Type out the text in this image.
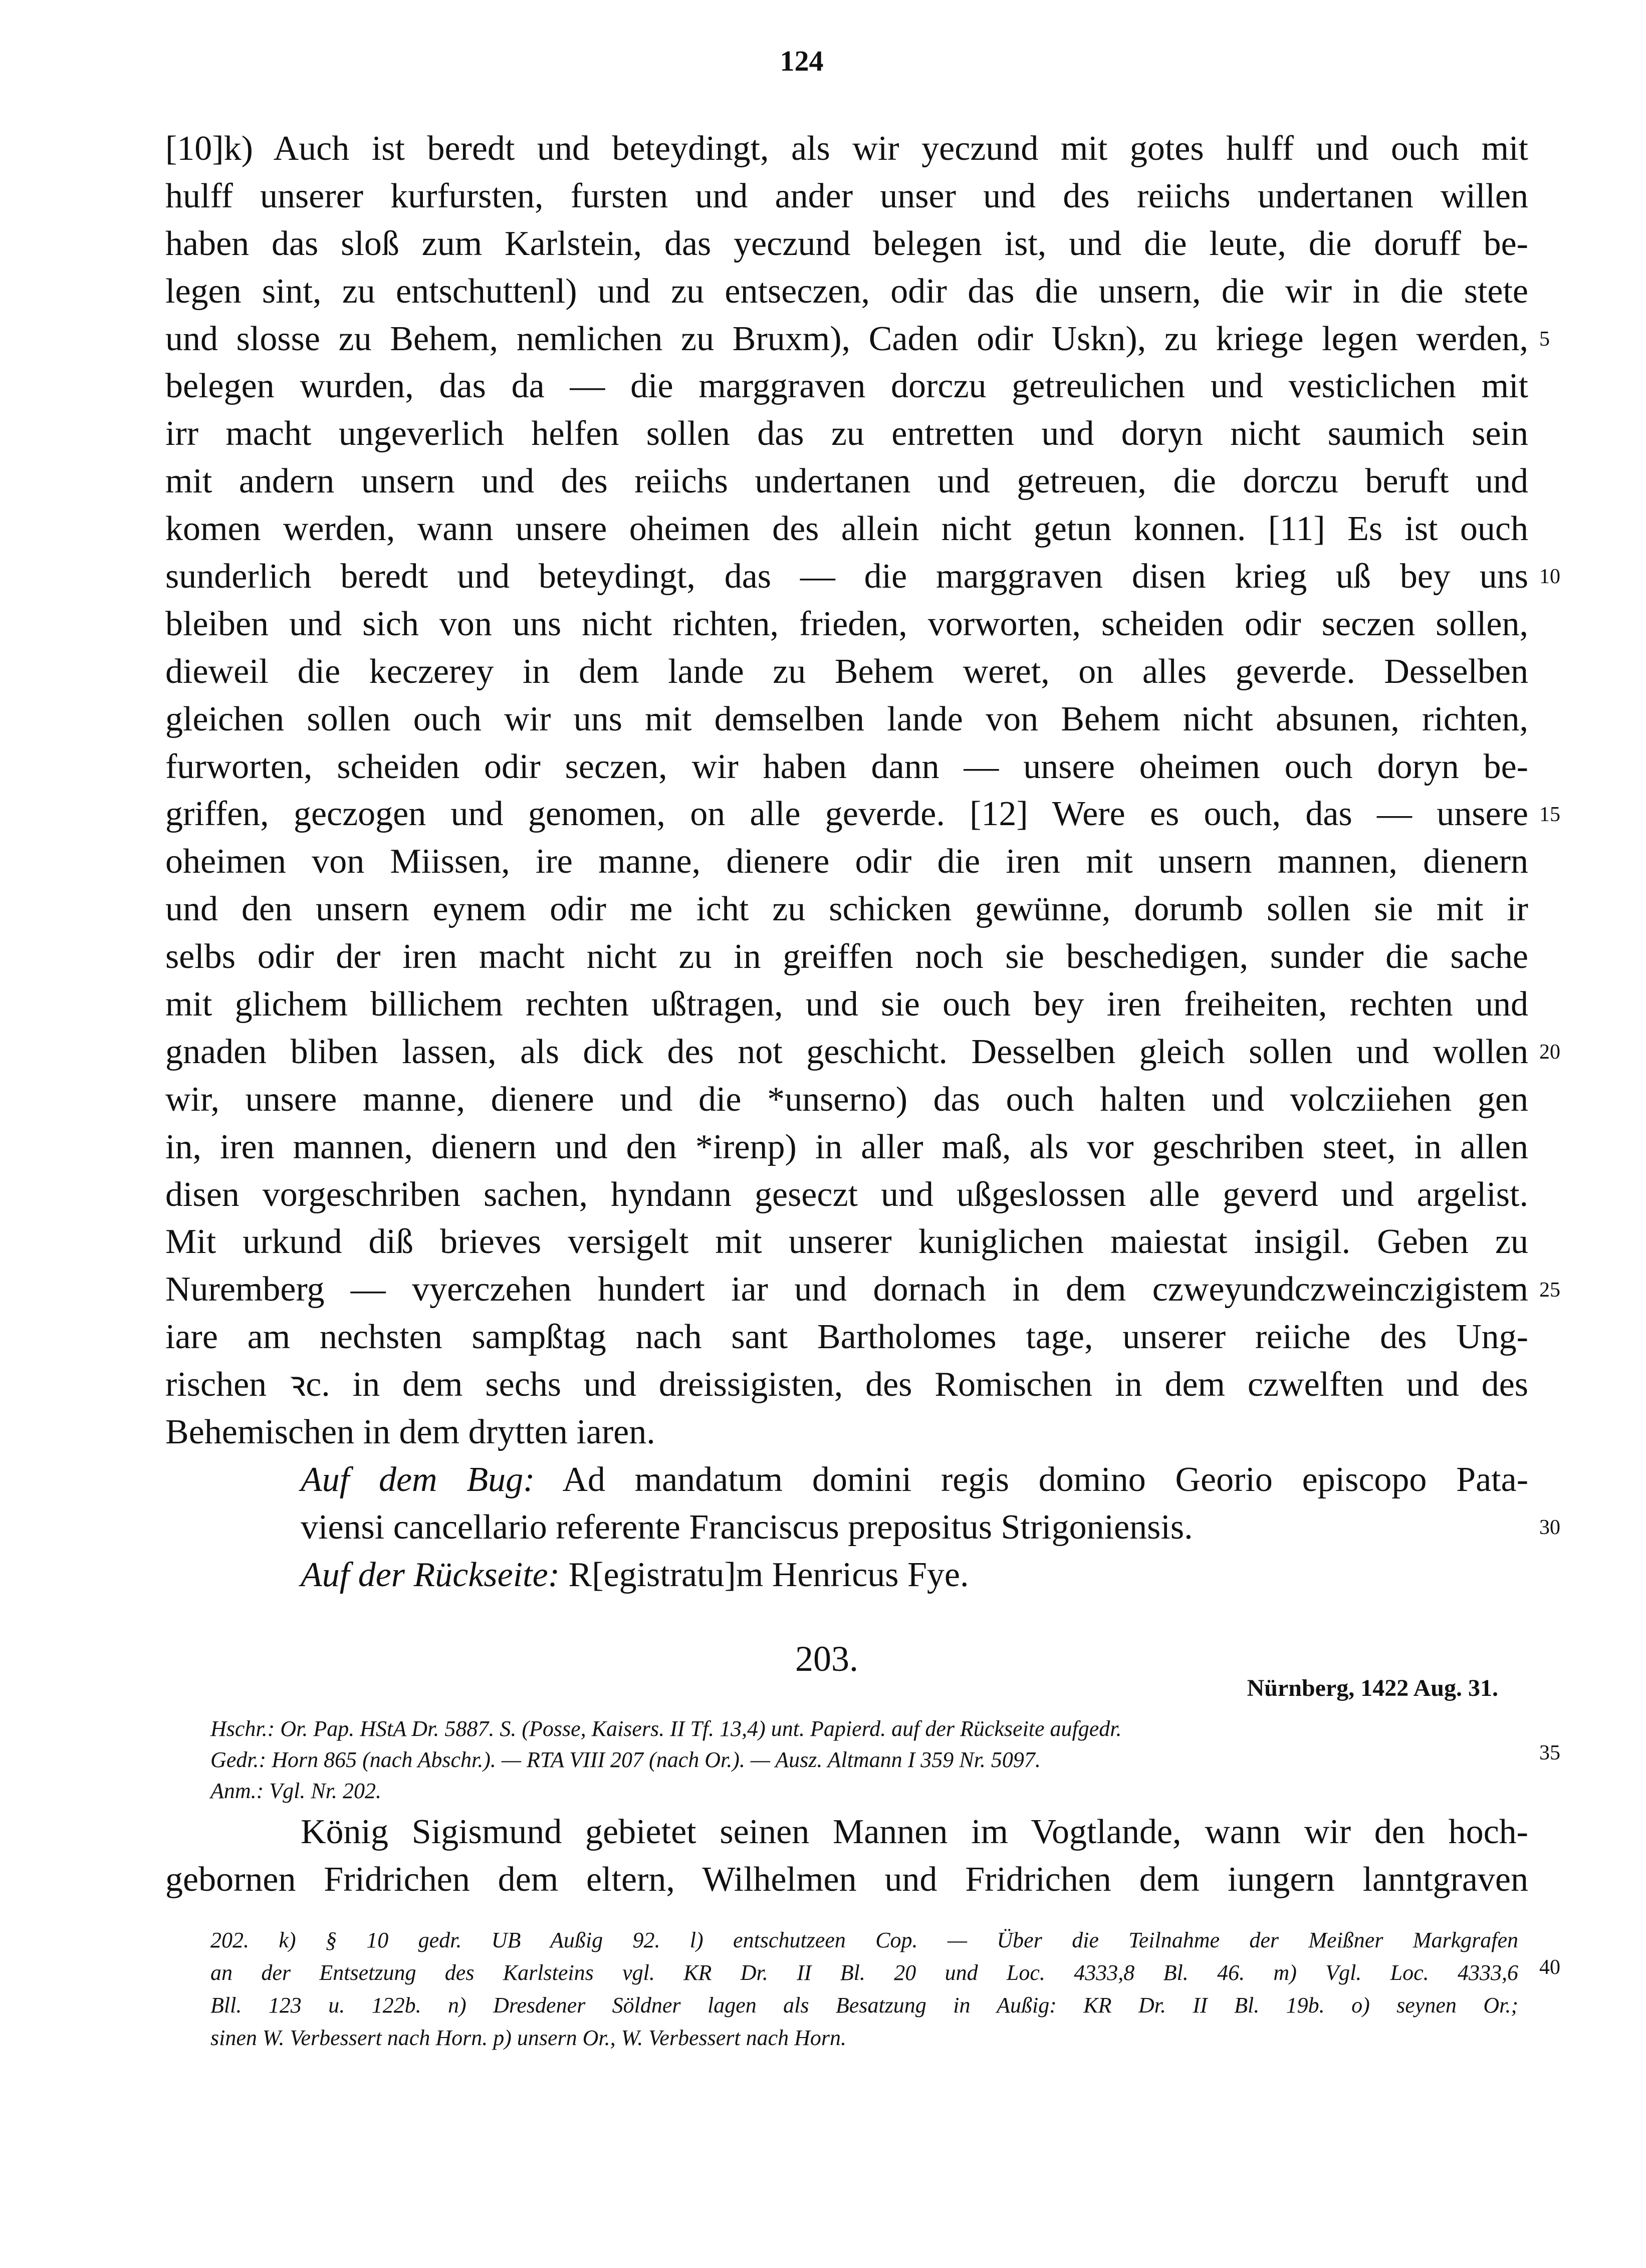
124
[10]k) Auch ist beredt und beteydingt, als wir yeczund mit gotes hulff und ouch mit
hulff unserer kurfursten, fursten und ander unser und des reiichs undertanen willen
haben das sloß zum Karlstein, das yeczund belegen ist, und die leute, die doruff be-
legen sint, zu entschuttenl) und zu entseczen, odir das die unsern, die wir in die stete
und slosse zu Behem, nemlichen zu Bruxm), Caden odir Uskn), zu kriege legen werden,
belegen wurden, das da — die marggraven dorczu getreulichen und vesticlichen mit
irr macht ungeverlich helfen sollen das zu entretten und doryn nicht saumich sein
mit andern unsern und des reiichs undertanen und getreuen, die dorczu beruft und
komen werden, wann unsere oheimen des allein nicht getun konnen. [11] Es ist ouch
sunderlich beredt und beteydingt, das — die marggraven disen krieg uß bey uns
bleiben und sich von uns nicht richten, frieden, vorworten, scheiden odir seczen sollen,
dieweil die keczerey in dem lande zu Behem weret, on alles geverde. Desselben
gleichen sollen ouch wir uns mit demselben lande von Behem nicht absunen, richten,
furworten, scheiden odir seczen, wir haben dann — unsere oheimen ouch doryn be-
griffen, geczogen und genomen, on alle geverde. [12] Were es ouch, das — unsere
oheimen von Miissen, ire manne, dienere odir die iren mit unsern mannen, dienern
und den unsern eynem odir me icht zu schicken gewünne, dorumb sollen sie mit ir
selbs odir der iren macht nicht zu in greiffen noch sie beschedigen, sunder die sache
mit glichem billichem rechten ußtragen, und sie ouch bey iren freiheiten, rechten und
gnaden bliben lassen, als dick des not geschicht. Desselben gleich sollen und wollen
wir, unsere manne, dienere und die *unserno) das ouch halten und volcziiehen gen
in, iren mannen, dienern und den *irenp) in aller maß, als vor geschriben steet, in allen
disen vorgeschriben sachen, hyndann geseczt und ußgeslossen alle geverd und argelist.
Mit urkund diß brieves versigelt mit unserer kuniglichen maiestat insigil. Geben zu
Nuremberg — vyerczehen hundert iar und dornach in dem czweyundczweinczigistem
iare am nechsten sampßtag nach sant Bartholomes tage, unserer reiiche des Ung-
rischen ꝛc. in dem sechs und dreissigisten, des Romischen in dem czwelften und des
Behemischen in dem drytten iaren.
Auf dem Bug: Ad mandatum domini regis domino Georio episcopo Pata-
viensi cancellario referente Franciscus prepositus Strigoniensis.
Auf der Rückseite: R[egistratu]m Henricus Fye.
5
10
15
20
25
30
203.
Nürnberg, 1422 Aug. 31.
Hschr.: Or. Pap. HStA Dr. 5887. S. (Posse, Kaisers. II Tf. 13,4) unt. Papierd. auf der Rückseite aufgedr.
Gedr.: Horn 865 (nach Abschr.). — RTA VIII 207 (nach Or.). — Ausz. Altmann I 359 Nr. 5097.
Anm.: Vgl. Nr. 202.
35
König Sigismund gebietet seinen Mannen im Vogtlande, wann wir den hoch-
gebornen Fridrichen dem eltern, Wilhelmen und Fridrichen dem iungern lanntgraven
202. k) § 10 gedr. UB Außig 92. l) entschutzeen Cop. — Über die Teilnahme der Meißner Markgrafen
an der Entsetzung des Karlsteins vgl. KR Dr. II Bl. 20 und Loc. 4333,8 Bl. 46. m) Vgl. Loc. 4333,6
Bll. 123 u. 122b. n) Dresdener Söldner lagen als Besatzung in Außig: KR Dr. II Bl. 19b. o) seynen Or.;
sinen W. Verbessert nach Horn. p) unsern Or., W. Verbessert nach Horn.
40
